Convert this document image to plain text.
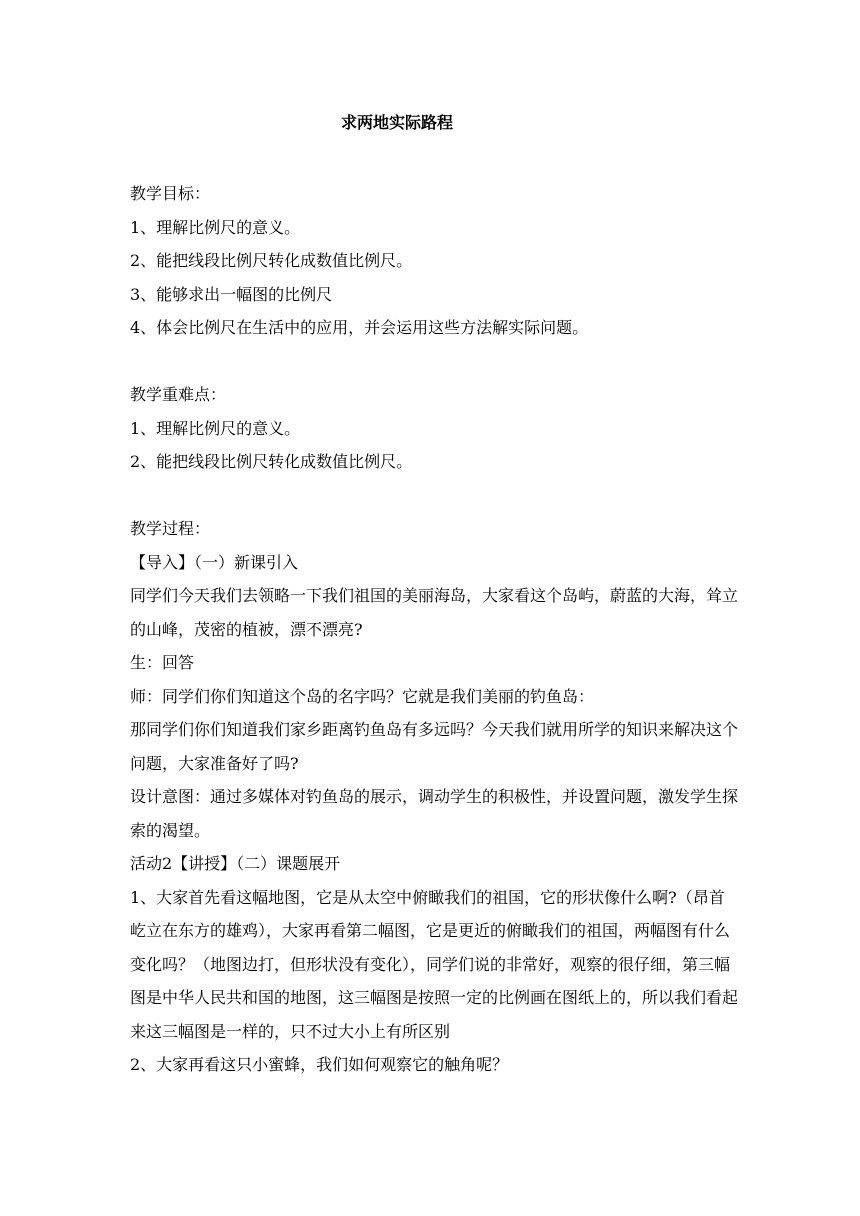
求两地实际路程

教学目标：

1、理解比例尺的意义。

2、能把线段比例尺转化成数值比例尺。

3、能够求出一幅图的比例尺

4、体会比例尺在生活中的应用，并会运用这些方法解实际问题。

教学重难点：

1、理解比例尺的意义。

2、能把线段比例尺转化成数值比例尺。

教学过程：

【导入】（一）新课引入

同学们今天我们去领略一下我们祖国的美丽海岛，大家看这个岛屿，蔚蓝的大海，耸立的山峰，茂密的植被，漂不漂亮?

生：回答

师：同学们你们知道这个岛的名字吗？它就是我们美丽的钓鱼岛：

那同学们你们知道我们家乡距离钓鱼岛有多远吗？今天我们就用所学的知识来解决这个问题，大家准备好了吗?

设计意图：通过多媒体对钓鱼岛的展示，调动学生的积极性，并设置问题，激发学生探索的渴望。

活动2【讲授】（二）课题展开

1、大家首先看这幅地图，它是从太空中俯瞰我们的祖国，它的形状像什么啊?（昂首屹立在东方的雄鸡），大家再看第二幅图，它是更近的俯瞰我们的祖国，两幅图有什么变化吗？（地图边打，但形状没有变化），同学们说的非常好，观察的很仔细，第三幅图是中华人民共和国的地图，这三幅图是按照一定的比例画在图纸上的，所以我们看起来这三幅图是一样的，只不过大小上有所区别

2、大家再看这只小蜜蜂，我们如何观察它的触角呢？
